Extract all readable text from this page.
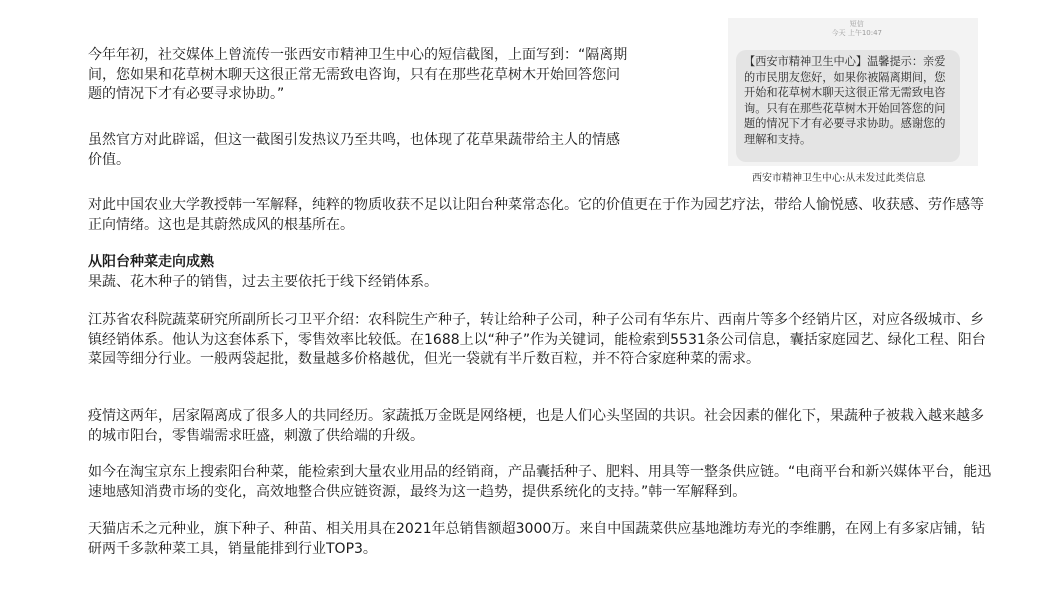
今年年初，社交媒体上曾流传一张西安市精神卫生中心的短信截图，上面写到：“隔离期间，您如果和花草树木聊天这很正常无需致电咨询，只有在那些花草树木开始回答您问题的情况下才有必要寻求协助。”

虽然官方对此辟谣，但这一截图引发热议乃至共鸣，也体现了花草果蔬带给主人的情感价值。

短信
今天 上午10:47

【西安市精神卫生中心】温馨提示：亲爱的市民朋友您好，如果你被隔离期间，您开始和花草树木聊天这很正常无需致电咨询。只有在那些花草树木开始回答您的问题的情况下才有必要寻求协助。感谢您的理解和支持。

西安市精神卫生中心:从未发过此类信息

对此中国农业大学教授韩一军解释，纯粹的物质收获不足以让阳台种菜常态化。它的价值更在于作为园艺疗法，带给人愉悦感、收获感、劳作感等正向情绪。这也是其蔚然成风的根基所在。

从阳台种菜走向成熟

果蔬、花木种子的销售，过去主要依托于线下经销体系。

江苏省农科院蔬菜研究所副所长刁卫平介绍：农科院生产种子，转让给种子公司，种子公司有华东片、西南片等多个经销片区，对应各级城市、乡镇经销体系。他认为这套体系下，零售效率比较低。在1688上以“种子”作为关键词，能检索到5531条公司信息，囊括家庭园艺、绿化工程、阳台菜园等细分行业。一般两袋起批，数量越多价格越优，但光一袋就有半斤数百粒，并不符合家庭种菜的需求。

疫情这两年，居家隔离成了很多人的共同经历。家蔬抵万金既是网络梗，也是人们心头坚固的共识。社会因素的催化下，果蔬种子被栽入越来越多的城市阳台，零售端需求旺盛，刺激了供给端的升级。

如今在淘宝京东上搜索阳台种菜，能检索到大量农业用品的经销商，产品囊括种子、肥料、用具等一整条供应链。“电商平台和新兴媒体平台，能迅速地感知消费市场的变化，高效地整合供应链资源，最终为这一趋势，提供系统化的支持。”韩一军解释到。

天猫店禾之元种业，旗下种子、种苗、相关用具在2021年总销售额超3000万。来自中国蔬菜供应基地潍坊寿光的李维鹏，在网上有多家店铺，钻研两千多款种菜工具，销量能排到行业TOP3。
